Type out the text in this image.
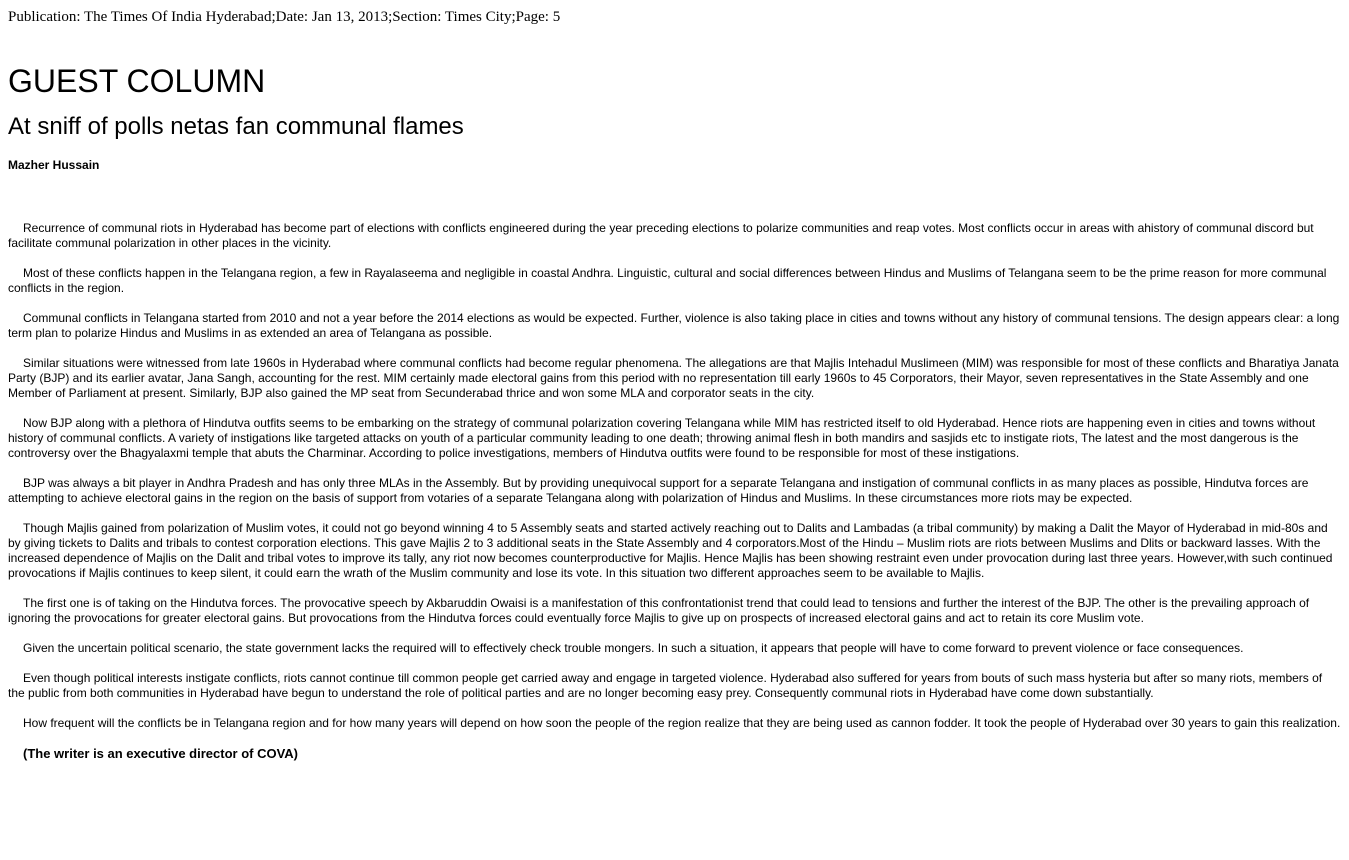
Publication: The Times Of India Hyderabad;Date: Jan 13, 2013;Section: Times City;Page: 5

GUEST COLUMN
At sniff of polls netas fan communal flames

Mazher Hussain

Recurrence of communal riots in Hyderabad has become part of elections with conflicts engineered during the year preceding elections to polarize communities and reap votes. Most conflicts occur in areas with ahistory of communal discord but facilitate communal polarization in other places in the vicinity.

Most of these conflicts happen in the Telangana region, a few in Rayalaseema and negligible in coastal Andhra. Linguistic, cultural and social differences between Hindus and Muslims of Telangana seem to be the prime reason for more communal conflicts in the region.

Communal conflicts in Telangana started from 2010 and not a year before the 2014 elections as would be expected. Further, violence is also taking place in cities and towns without any history of communal tensions. The design appears clear: a long term plan to polarize Hindus and Muslims in as extended an area of Telangana as possible.

Similar situations were witnessed from late 1960s in Hyderabad where communal conflicts had become regular phenomena. The allegations are that Majlis Intehadul Muslimeen (MIM) was responsible for most of these conflicts and Bharatiya Janata Party (BJP) and its earlier avatar, Jana Sangh, accounting for the rest. MIM certainly made electoral gains from this period with no representation till early 1960s to 45 Corporators, their Mayor, seven representatives in the State Assembly and one Member of Parliament at present. Similarly, BJP also gained the MP seat from Secunderabad thrice and won some MLA and corporator seats in the city.

Now BJP along with a plethora of Hindutva outfits seems to be embarking on the strategy of communal polarization covering Telangana while MIM has restricted itself to old Hyderabad. Hence riots are happening even in cities and towns without history of communal conflicts. A variety of instigations like targeted attacks on youth of a particular community leading to one death; throwing animal flesh in both mandirs and sasjids etc to instigate riots, The latest and the most dangerous is the controversy over the Bhagyalaxmi temple that abuts the Charminar. According to police investigations, members of Hindutva outfits were found to be responsible for most of these instigations.

BJP was always a bit player in Andhra Pradesh and has only three MLAs in the Assembly. But by providing unequivocal support for a separate Telangana and instigation of communal conflicts in as many places as possible, Hindutva forces are attempting to achieve electoral gains in the region on the basis of support from votaries of a separate Telangana along with polarization of Hindus and Muslims. In these circumstances more riots may be expected.

Though Majlis gained from polarization of Muslim votes, it could not go beyond winning 4 to 5 Assembly seats and started actively reaching out to Dalits and Lambadas (a tribal community) by making a Dalit the Mayor of Hyderabad in mid-80s and by giving tickets to Dalits and tribals to contest corporation elections. This gave Majlis 2 to 3 additional seats in the State Assembly and 4 corporators.Most of the Hindu – Muslim riots are riots between Muslims and Dlits or backward lasses. With the increased dependence of Majlis on the Dalit and tribal votes to improve its tally, any riot now becomes counterproductive for Majlis. Hence Majlis has been showing restraint even under provocation during last three years. However,with such continued provocations if Majlis continues to keep silent, it could earn the wrath of the Muslim community and lose its vote. In this situation two different approaches seem to be available to Majlis.

The first one is of taking on the Hindutva forces. The provocative speech by Akbaruddin Owaisi is a manifestation of this confrontationist trend that could lead to tensions and further the interest of the BJP. The other is the prevailing approach of ignoring the provocations for greater electoral gains. But provocations from the Hindutva forces could eventually force Majlis to give up on prospects of increased electoral gains and act to retain its core Muslim vote.

Given the uncertain political scenario, the state government lacks the required will to effectively check trouble mongers. In such a situation, it appears that people will have to come forward to prevent violence or face consequences.

Even though political interests instigate conflicts, riots cannot continue till common people get carried away and engage in targeted violence. Hyderabad also suffered for years from bouts of such mass hysteria but after so many riots, members of the public from both communities in Hyderabad have begun to understand the role of political parties and are no longer becoming easy prey. Consequently communal riots in Hyderabad have come down substantially.

How frequent will the conflicts be in Telangana region and for how many years will depend on how soon the people of the region realize that they are being used as cannon fodder. It took the people of Hyderabad over 30 years to gain this realization.

(The writer is an executive director of COVA)
